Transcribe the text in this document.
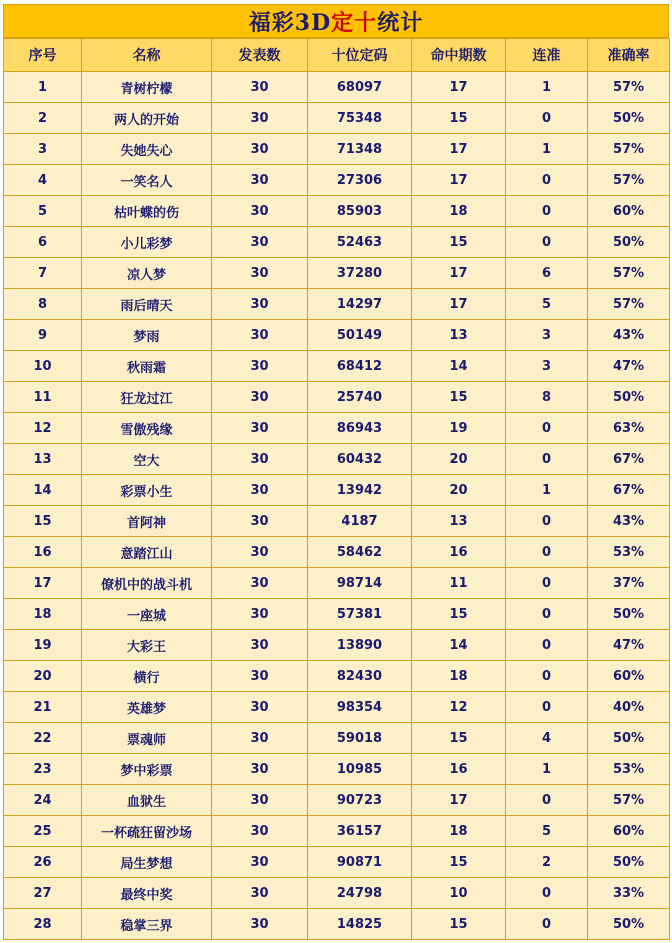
福彩3D定十统计
序号	名称	发表数	十位定码	命中期数	连准	准确率
1	青树柠檬	30	68097	17	1	57%
2	两人的开始	30	75348	15	0	50%
3	失她失心	30	71348	17	1	57%
4	一笑名人	30	27306	17	0	57%
5	枯叶蝶的伤	30	85903	18	0	60%
6	小儿彩梦	30	52463	15	0	50%
7	凉人梦	30	37280	17	6	57%
8	雨后晴天	30	14297	17	5	57%
9	梦雨	30	50149	13	3	43%
10	秋雨霜	30	68412	14	3	47%
11	狂龙过江	30	25740	15	8	50%
12	雪傲残缘	30	86943	19	0	63%
13	空大	30	60432	20	0	67%
14	彩票小生	30	13942	20	1	67%
15	首阿神	30	4187	13	0	43%
16	意踏江山	30	58462	16	0	53%
17	僚机中的战斗机	30	98714	11	0	37%
18	一座城	30	57381	15	0	50%
19	大彩王	30	13890	14	0	47%
20	横行	30	82430	18	0	60%
21	英雄梦	30	98354	12	0	40%
22	票魂师	30	59018	15	4	50%
23	梦中彩票	30	10985	16	1	53%
24	血狱生	30	90723	17	0	57%
25	一杯疏狂留沙场	30	36157	18	5	60%
26	局生梦想	30	90871	15	2	50%
27	最终中奖	30	24798	10	0	33%
28	稳掌三界	30	14825	15	0	50%
